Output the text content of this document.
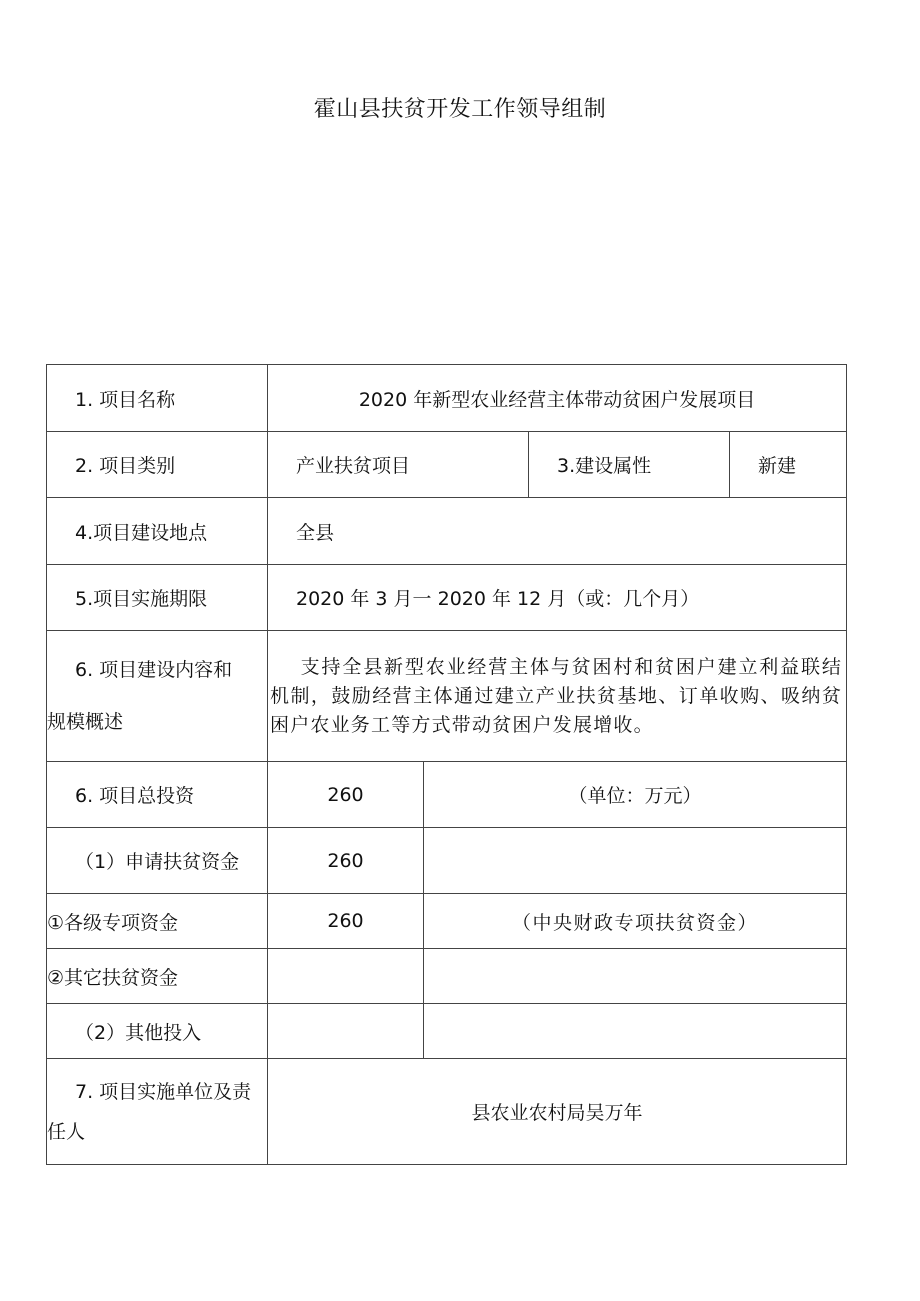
霍山县扶贫开发工作领导组制
1. 项目名称	2020 年新型农业经营主体带动贫困户发展项目			
2. 项目类别	产业扶贫项目		3.建设属性	新建
4.项目建设地点	全县			
5.项目实施期限	2020 年 3 月一 2020 年 12 月（或：几个月）			

6. 项目建设内容和
规模概述	支持全县新型农业经营主体与贫困村和贫困户建立利益联结机制，鼓励经营主体通过建立产业扶贫基地、订单收购、吸纳贫困户农业务工等方式带动贫困户发展增收。			
6. 项目总投资	260	（单位：万元）		
（1）申请扶贫资金	260			
①各级专项资金	260	（中央财政专项扶贫资金）		
②其它扶贫资金				
（2）其他投入				

7. 项目实施单位及责
任人	县农业农村局吴万年			
